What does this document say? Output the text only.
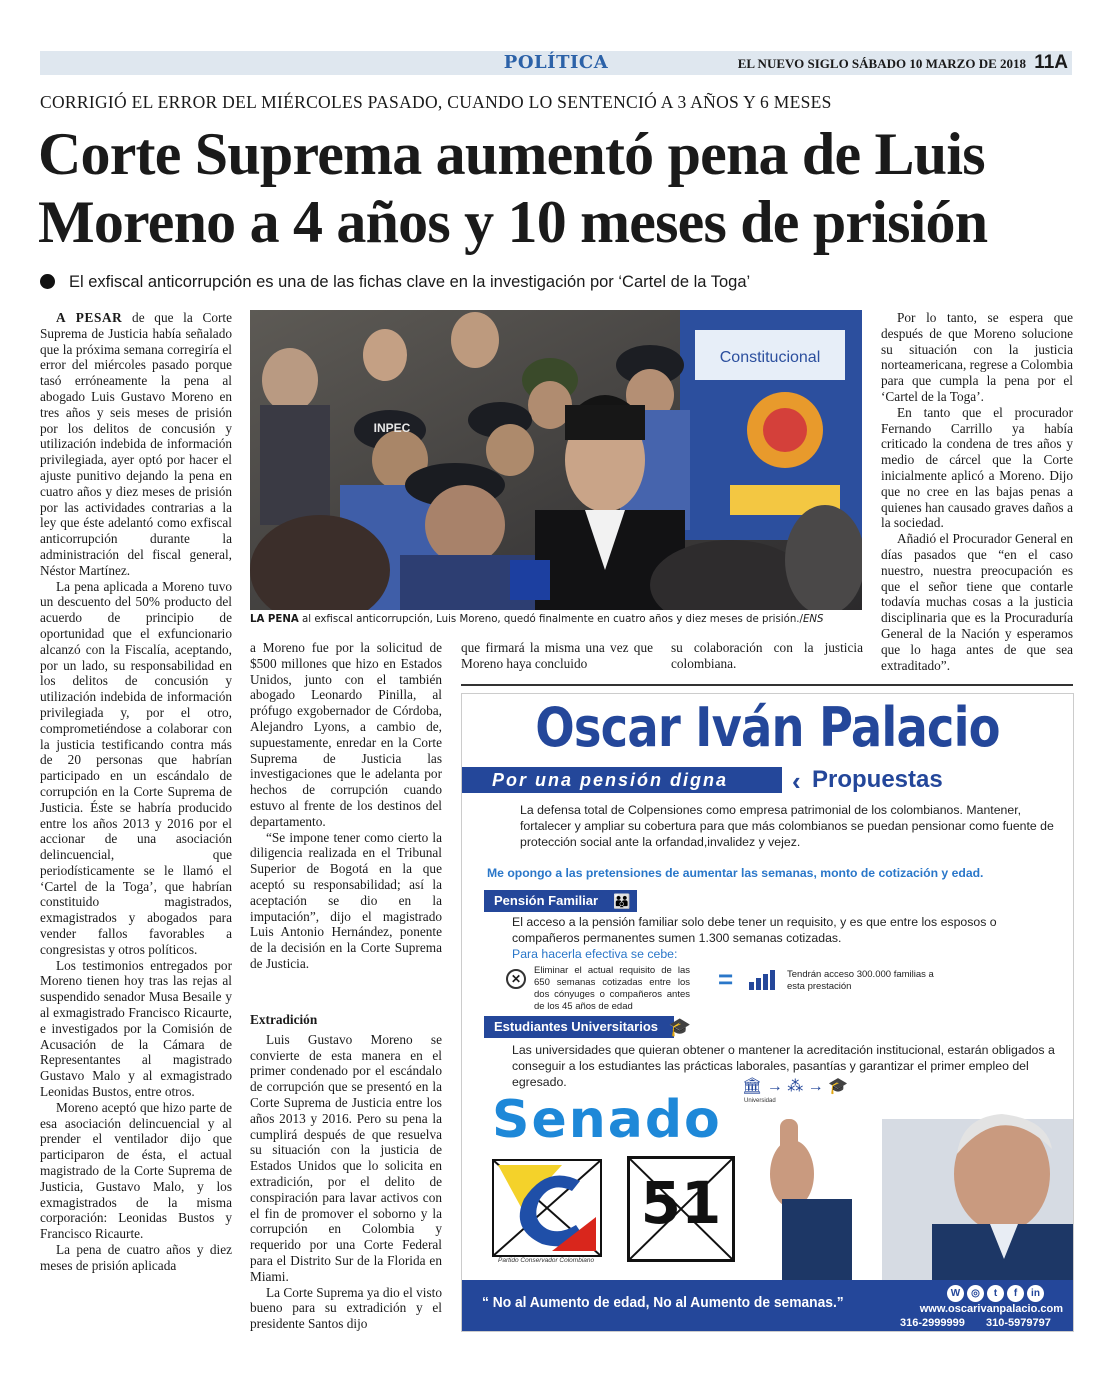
POLÍTICA	EL NUEVO SIGLO SÁBADO 10 MARZO DE 2018 11A
CORRIGIÓ EL ERROR DEL MIÉRCOLES PASADO, CUANDO LO SENTENCIÓ A 3 AÑOS Y 6 MESES
Corte Suprema aumentó pena de Luis Moreno a 4 años y 10 meses de prisión
El exfiscal anticorrupción es una de las fichas clave en la investigación por ‘Cartel de la Toga’

A PESAR de que la Corte Suprema de Justicia había señalado que la próxima semana corregiría el error del miércoles pasado porque tasó erróneamente la pena al abogado Luis Gustavo Moreno en tres años y seis meses de prisión por los delitos de concusión y utilización indebida de información privilegiada, ayer optó por hacer el ajuste punitivo dejando la pena en cuatro años y diez meses de prisión por las actividades contrarias a la ley que éste adelantó como exfiscal anticorrupción durante la administración del fiscal general, Néstor Martínez.

La pena aplicada a Moreno tuvo un descuento del 50% producto del acuerdo de principio de oportunidad que el exfuncionario alcanzó con la Fiscalía, aceptando, por un lado, su responsabilidad en los delitos de concusión y utilización indebida de información privilegiada y, por el otro, comprometiéndose a colaborar con la justicia testificando contra más de 20 personas que habrían participado en un escándalo de corrupción en la Corte Suprema de Justicia. Éste se habría producido entre los años 2013 y 2016 por el accionar de una asociación delincuencial, que periodísticamente se le llamó el ‘Cartel de la Toga’, que habrían constituido magistrados, exmagistrados y abogados para vender fallos favorables a congresistas y otros políticos.

Los testimonios entregados por Moreno tienen hoy tras las rejas al suspendido senador Musa Besaile y al exmagistrado Francisco Ricaurte, e investigados por la Comisión de Acusación de la Cámara de Representantes al magistrado Gustavo Malo y al exmagistrado Leonidas Bustos, entre otros.

Moreno aceptó que hizo parte de esa asociación delincuencial y al prender el ventilador dijo que participaron de ésta, el actual magistrado de la Corte Suprema de Justicia, Gustavo Malo, y los exmagistrados de la misma corporación: Leonidas Bustos y Francisco Ricaurte.

La pena de cuatro años y diez meses de prisión aplicada

Constitucional
INPEC
LA PENA al exfiscal anticorrupción, Luis Moreno, quedó finalmente en cuatro años y diez meses de prisión./ENS

a Moreno fue por la solicitud de $500 millones que hizo en Estados Unidos, junto con el también abogado Leonardo Pinilla, al prófugo exgobernador de Córdoba, Alejandro Lyons, a cambio de, supuestamente, enredar en la Corte Suprema de Justicia las investigaciones que le adelanta por hechos de corrupción cuando estuvo al frente de los destinos del departamento.

“Se impone tener como cierto la diligencia realizada en el Tribunal Superior de Bogotá en la que aceptó su responsabilidad; así la aceptación se dio en la imputación”, dijo el magistrado Luis Antonio Hernández, ponente de la decisión en la Corte Suprema de Justicia.

Extradición

Luis Gustavo Moreno se convierte de esta manera en el primer condenado por el escándalo de corrupción que se presentó en la Corte Suprema de Justicia entre los años 2013 y 2016. Pero su pena la cumplirá después de que resuelva su situación con la justicia de Estados Unidos que lo solicita en extradición, por el delito de conspiración para lavar activos con el fin de promover el soborno y la corrupción en Colombia y requerido por una Corte Federal para el Distrito Sur de la Florida en Miami.

La Corte Suprema ya dio el visto bueno para su extradición y el presidente Santos dijo

que firmará la misma una vez que Moreno haya concluido

su colaboración con la justicia colombiana.

Por lo tanto, se espera que después de que Moreno solucione su situación con la justicia norteamericana, regrese a Colombia para que cumpla la pena por el ‘Cartel de la Toga’.

En tanto que el procurador Fernando Carrillo ya había criticado la condena de tres años y medio de cárcel que la Corte inicialmente aplicó a Moreno. Dijo que no cree en las bajas penas a quienes han causado graves daños a la sociedad.

Añadió el Procurador General en días pasados que “en el caso nuestro, nuestra preocupación es que el señor tiene que contarle todavía muchas cosas a la justicia disciplinaria que es la Procuraduría General de la Nación y esperamos que lo haga antes de que sea extraditado”.

Oscar Iván Palacio
Por una pensión digna ‹ Propuestas
La defensa total de Colpensiones como empresa patrimonial de los colombianos. Mantener, fortalecer y ampliar su cobertura para que más colombianos se puedan pensionar como fuente de protección social ante la orfandad,invalidez y vejez.
Me opongo a las pretensiones de aumentar las semanas, monto de cotización y edad.
Pensión Familiar	👪
El acceso a la pensión familiar solo debe tener un requisito, y es que entre los esposos o compañeros permanentes sumen 1.300 semanas cotizadas.
Para hacerla efectiva se cebe:
✕
Eliminar el actual requisito de las 650 semanas cotizadas entre los dos cónyuges o compañeros antes de los 45 años de edad
=	Tendrán acceso 300.000 familias a esta prestación
Estudiantes Universitarios 🎓
Las universidades que quieran obtener o mantener la acreditación institucional, estarán obligados a conseguir a los estudiantes las prácticas laborales, pasantías y garantizar el primer empleo del egresado.	🏛 → ⁂ → 🎓
Universidad
Senado
Partido Conservador Colombiano
51
“ No al Aumento de edad, No al Aumento de semanas.”
W ◎ t f in
www.oscarivanpalacio.com
316-2999999 310-5979797
